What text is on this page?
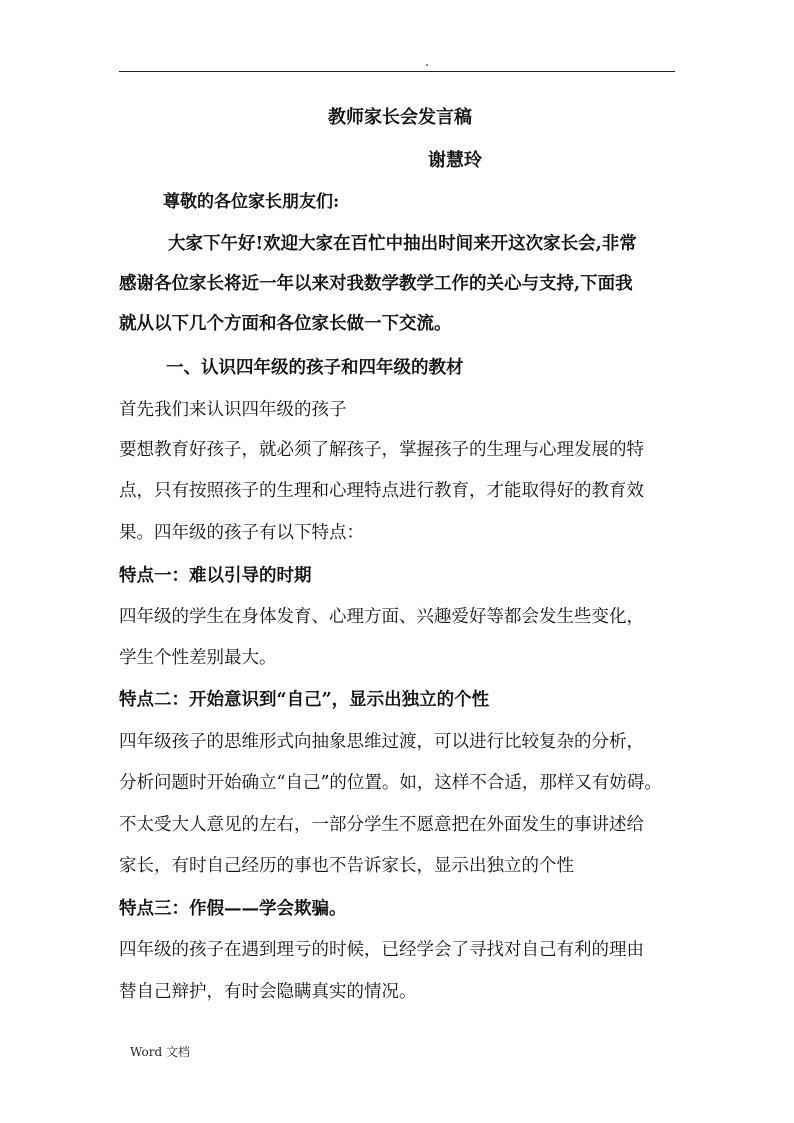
教师家长会发言稿
谢慧玲
尊敬的各位家长朋友们:
大家下午好!欢迎大家在百忙中抽出时间来开这次家长会,非常
感谢各位家长将近一年以来对我数学教学工作的关心与支持,下面我
就从以下几个方面和各位家长做一下交流。
一、认识四年级的孩子和四年级的教材
首先我们来认识四年级的孩子
要想教育好孩子，就必须了解孩子，掌握孩子的生理与心理发展的特
点，只有按照孩子的生理和心理特点进行教育，才能取得好的教育效
果。四年级的孩子有以下特点：
特点一：难以引导的时期
四年级的学生在身体发育、心理方面、兴趣爱好等都会发生些变化，
学生个性差别最大。
特点二：开始意识到“自己”，显示出独立的个性
四年级孩子的思维形式向抽象思维过渡，可以进行比较复杂的分析，
分析问题时开始确立“自己”的位置。如，这样不合适，那样又有妨碍。
不太受大人意见的左右，一部分学生不愿意把在外面发生的事讲述给
家长，有时自己经历的事也不告诉家长，显示出独立的个性
特点三：作假——学会欺骗。
四年级的孩子在遇到理亏的时候，已经学会了寻找对自己有利的理由
替自己辩护，有时会隐瞒真实的情况。
Word 文档
